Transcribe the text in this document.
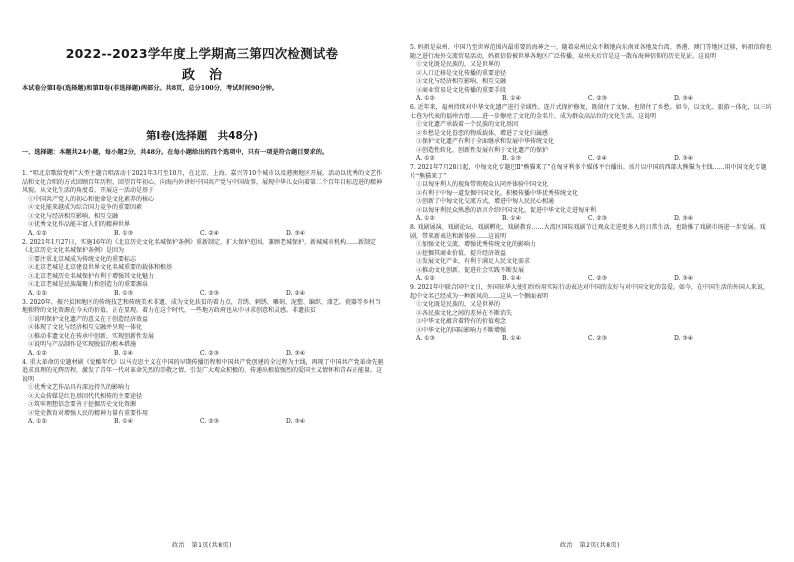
2022--2023学年度上学期高三第四次检测试卷
政治
本试卷分第Ⅰ卷(选择题)和第Ⅱ卷(非选择题)两部分。共8页，总分100分，考试时间90分钟。
第Ⅰ卷(选择题　共48分)
一、选择题：本题共24小题，每小题2分，共48分。在每小题给出的四个选项中，只有一项是符合题目要求的。
1. “唱北京歌给党听”大型主题合唱活动于2021年3月至10月，在北京、上海、嘉兴等10个城市以及港澳地区开展。活动以优秀的文艺作品和文化合唱的方式回顾百年历程，回望百年初心，向海内外讲好中国共产党与中国故事，展现中华儿女向着第二个百年目标迈进的精神风貌。从文化生活的角度看，开展这一活动是基于
①中国共产党人的初心和使命是文化素养的核心
②文化能来越成为综合国力竞争的重要因素
③文化与经济相互影响、相互交融
④优秀文化作品能丰富人们的精神世界
A. ①②	B. ①③	C. ②④	D. ③④
2. 2021年1月27日，实施16年的《北京历史文化名城保护条例》重新制定，扩大保护范围，兼顾老城保护、新城城市机构……新制定《北京历史文化名城保护条例》是因为
①要注重北京城成为传统文化的重要标志
②北京老城是北京建设世界文化名城重要的载体和根基
③北京老城历史名城保护有利于增强其文化魅力
④北京老城是民族凝聚力和创造力的重要源泉
A. ①②	B. ①③	C. ②③	D. ②④
3. 2020年，振兴贫困地区的传统技艺和传统美术非遗，成为文化扶贫的着力点，青绣、刺绣、雕刻、泥塑、编织、漆艺、瓷器等乡村当地独特的文化资源在今天的价值，正在显现。着力在这个时代，一些地方政府也从中寻求创意和灵感。非遗扶贫
①说明保护文化遗产的意义在于创造经济效益
②体现了文化与经济相互交融并呈现一体化
③推动非遗文化在传承中创新，实现创新性发展
④说明与产品制作是实现脱贫的根本措施
A. ①②	B. ①④	C. ②③	D. ③④
4. 重大革命历史题材剧《觉醒年代》以马克思主义在中国的早期传播历程和中国共产党创建的全过程为主线，再现了中国共产党革命先驱追求真理的光辉历程，激发了青年一代对革命先烈的崇敬之情，引发广大观众积极的、传递出根值强烈的爱国主义情怀和青春正能量。这说明
①优秀文艺作品具有深远持久的影响力
②大众传媒是红色基因代代相传的主要途径
③筑牢理想信念要善于挖掘历史文化资源
④党史教育对增强人民的精神力量有重要作用
A. ①②	B. ①④	C. ②③	D. ③④
政治　第1页(共8页)
5. 妈祖是泉州、中国乃至世界范围内最重要的海神之一。随着泉州民众不断地向东南亚各地及台湾、香港、澳门等地区迁移，妈祖信仰也随之进行海外交流贸易活动，妈祖信俗被世界各地区广泛传播，泉州天后宫是这一散布海神信仰的历史见证。这说明
①文化既是民族的，又是世界的
②人口迁移是文化传播的重要途径
③文化与经济相互影响，相互交融
④商业贸易是文化传播的重要手段
A. ①②	B. ①④	C. ②③	D. ③④
6. 近年来，福州持续对中华文化遗产进行全域性、连片式保护修复，既留住了文脉，也留住了乡愁。如今，以文化、旅游一体化，以三坊七巷为代表的福州古厝……进一步擦亮了文化的金名片，成为群众高品位的文化生活。这说明
①文化遗产承载着一个民族的文化基因
②乡愁是文化眷恋的物质载体，增进了文化归属感
③保护文化遗产有利于全面继承和发展中华传统文化
④创造性转化、创新性发展有利于文化遗产的保护
A. ①②	B. ①③	C. ②④	D. ③④
7. 2021年7月28日起，中匈文化专题巴Ⅱ“熊猫来了”在匈牙利多个媒体平台播出。该片以中国的西部大熊猫为主线……用中国文化专题片“熊猫来了”
①以匈牙利人的视角带领观众认同并体验中国文化
②有利于中匈一道发掘中国文化，积极传播中华优秀传统文化
③创新了中匈文化交流方式，增进中匈人民民心相通
④以匈牙利民众熟悉的语言介绍中国文化，促进中华文化走进匈牙利
A. ①②	B. ①④	C. ②③	D. ③④
8. 戏剧展演、戏剧论坛、戏剧孵化、戏剧教育……大湾区国际戏剧节让观众走进更多人的日常生活，也助推了戏剧市场进一步发展。戏剧，带来新表达和新体验……这说明
①加强文化交流，增强优秀传统文化的影响力
②挖掘其商业价值，提升经济效益
③发展文化产业，有利于满足人民文化需求
④推动文化创新，促进社会实践不断发展
A. ①②	B. ①④	C. ②③	D. ③④
9. 2021年中联合国中文日，外国驻华大使们纷纷用实际行动表达对中国的友好与对中国文化的喜爱。如今，在中国生活的外国人来说，起中文名已经成为一种新风尚……这从一个侧面表明
①文化既是民族的，又是世界的
②各民族文化之间的差异在不断消失
③中华文化蕴含着特有的价值观念
④中华文化的国际影响力不断增强
A. ①③	B. ①④	C. ②③	D. ③④
政治　第2页(共8页)
